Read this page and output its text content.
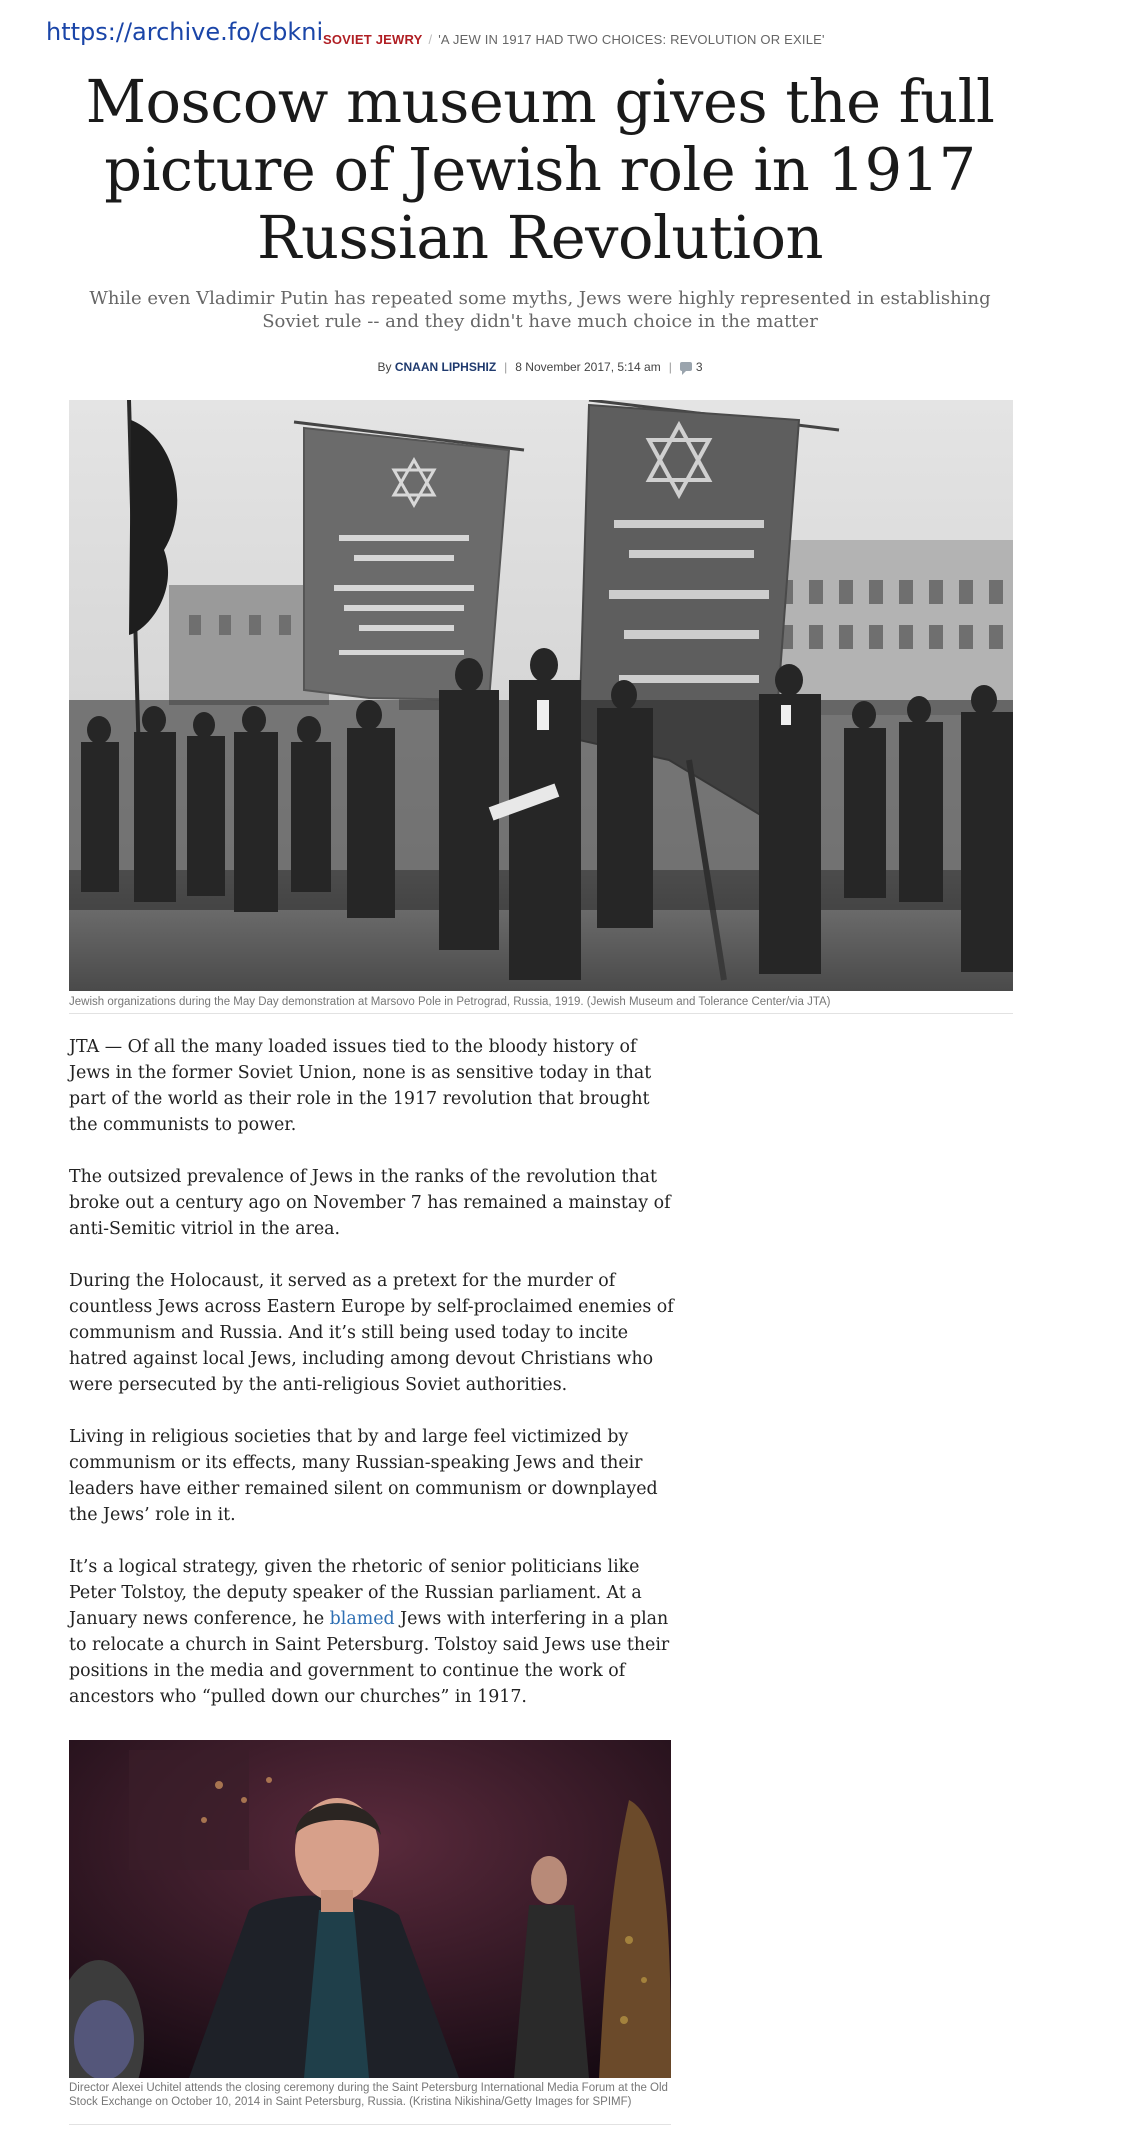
https://archive.fo/cbkni SOVIET JEWRY / 'A JEW IN 1917 HAD TWO CHOICES: REVOLUTION OR EXILE'
Moscow museum gives the full picture of Jewish role in 1917 Russian Revolution

While even Vladimir Putin has repeated some myths, Jews were highly represented in establishing Soviet rule -- and they didn't have much choice in the matter

By CNAAN LIPHSHIZ | 8 November 2017, 5:14 am | 3
Jewish organizations during the May Day demonstration at Marsovo Pole in Petrograd, Russia, 1919. (Jewish Museum and Tolerance Center/via JTA)

JTA — Of all the many loaded issues tied to the bloody history of Jews in the former Soviet Union, none is as sensitive today in that part of the world as their role in the 1917 revolution that brought the communists to power.

The outsized prevalence of Jews in the ranks of the revolution that broke out a century ago on November 7 has remained a mainstay of anti-Semitic vitriol in the area.

During the Holocaust, it served as a pretext for the murder of countless Jews across Eastern Europe by self-proclaimed enemies of communism and Russia. And it’s still being used today to incite hatred against local Jews, including among devout Christians who were persecuted by the anti-religious Soviet authorities.

Living in religious societies that by and large feel victimized by communism or its effects, many Russian-speaking Jews and their leaders have either remained silent on communism or downplayed the Jews’ role in it.

It’s a logical strategy, given the rhetoric of senior politicians like Peter Tolstoy, the deputy speaker of the Russian parliament. At a January news conference, he blamed Jews with interfering in a plan to relocate a church in Saint Petersburg. Tolstoy said Jews use their positions in the media and government to continue the work of ancestors who “pulled down our churches” in 1917.

Director Alexei Uchitel attends the closing ceremony during the Saint Petersburg International Media Forum at the Old Stock Exchange on October 10, 2014 in Saint Petersburg, Russia. (Kristina Nikishina/Getty Images for SPIMF)
